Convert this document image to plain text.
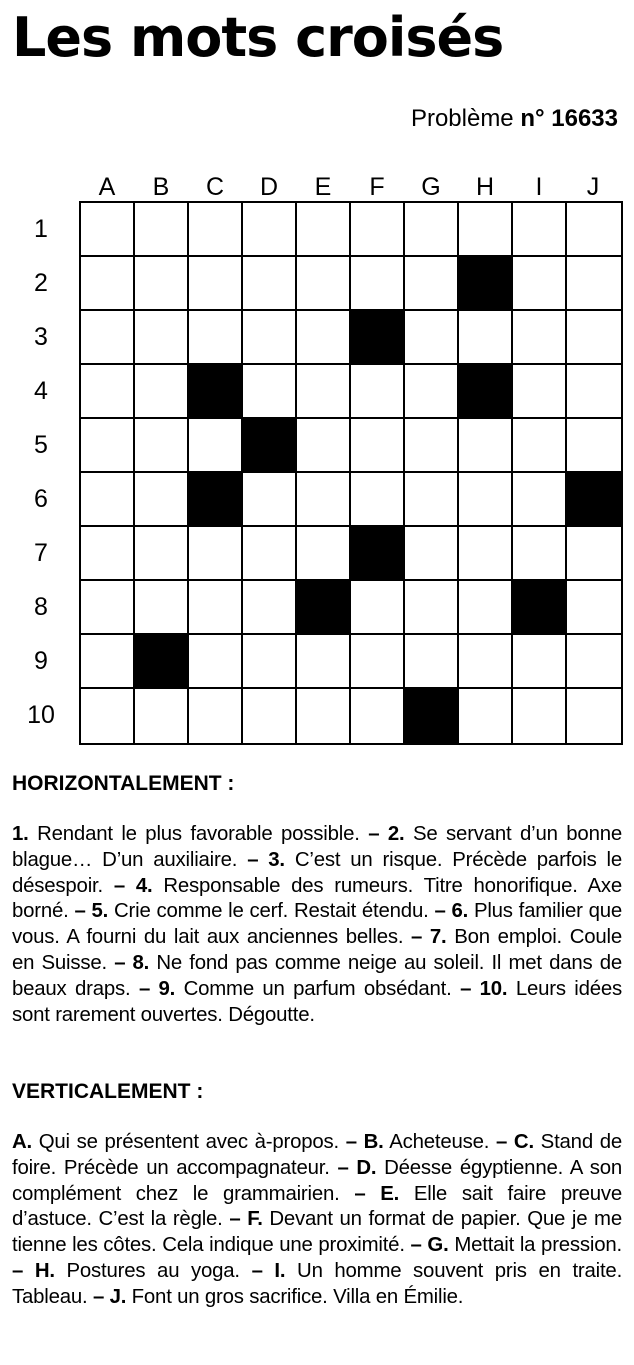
Les mots croisés
Problème n° 16633
A	B	C	D	E	F	G	H	I	J
1
2
3
4
5
6
7
8
9
10
HORIZONTALEMENT :
1. Rendant le plus favorable possible. – 2. Se servant d’un bonne blague… D’un auxiliaire. – 3. C’est un risque. Précède parfois le désespoir. – 4. Responsable des rumeurs. Titre honorifique. Axe borné. – 5. Crie comme le cerf. Restait étendu. – 6. Plus familier que vous. A fourni du lait aux anciennes belles. – 7. Bon emploi. Coule en Suisse. – 8. Ne fond pas comme neige au soleil. Il met dans de beaux draps. – 9. Comme un parfum obsédant. – 10. Leurs idées sont rarement ouvertes. Dégoutte.
VERTICALEMENT :
A. Qui se présentent avec à-propos. – B. Acheteuse. – C. Stand de foire. Précède un accompagnateur. – D. Déesse égyptienne. A son complément chez le grammairien. – E. Elle sait faire preuve d’astuce. C’est la règle. – F. Devant un format de papier. Que je me tienne les côtes. Cela indique une proximité. – G. Mettait la pression. – H. Postures au yoga. – I. Un homme souvent pris en traite. Tableau. – J. Font un gros sacrifice. Villa en Émilie.
